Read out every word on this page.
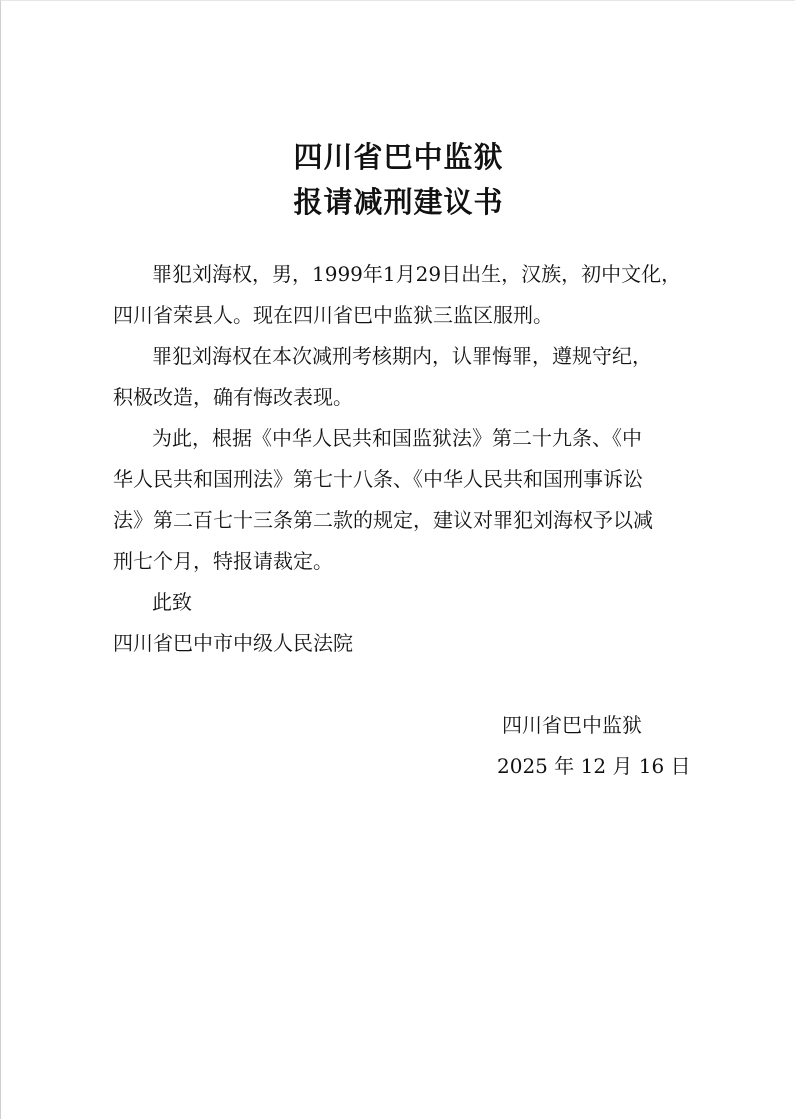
四川省巴中监狱
报请减刑建议书
罪犯刘海权，男，1999年1月29日出生，汉族，初中文化，
四川省荣县人。现在四川省巴中监狱三监区服刑。
罪犯刘海权在本次减刑考核期内，认罪悔罪，遵规守纪，
积极改造，确有悔改表现。
为此，根据《中华人民共和国监狱法》第二十九条、《中
华人民共和国刑法》第七十八条、《中华人民共和国刑事诉讼
法》第二百七十三条第二款的规定，建议对罪犯刘海权予以减
刑七个月，特报请裁定。
此致
四川省巴中市中级人民法院
四川省巴中监狱
2025 年 12 月 16 日
